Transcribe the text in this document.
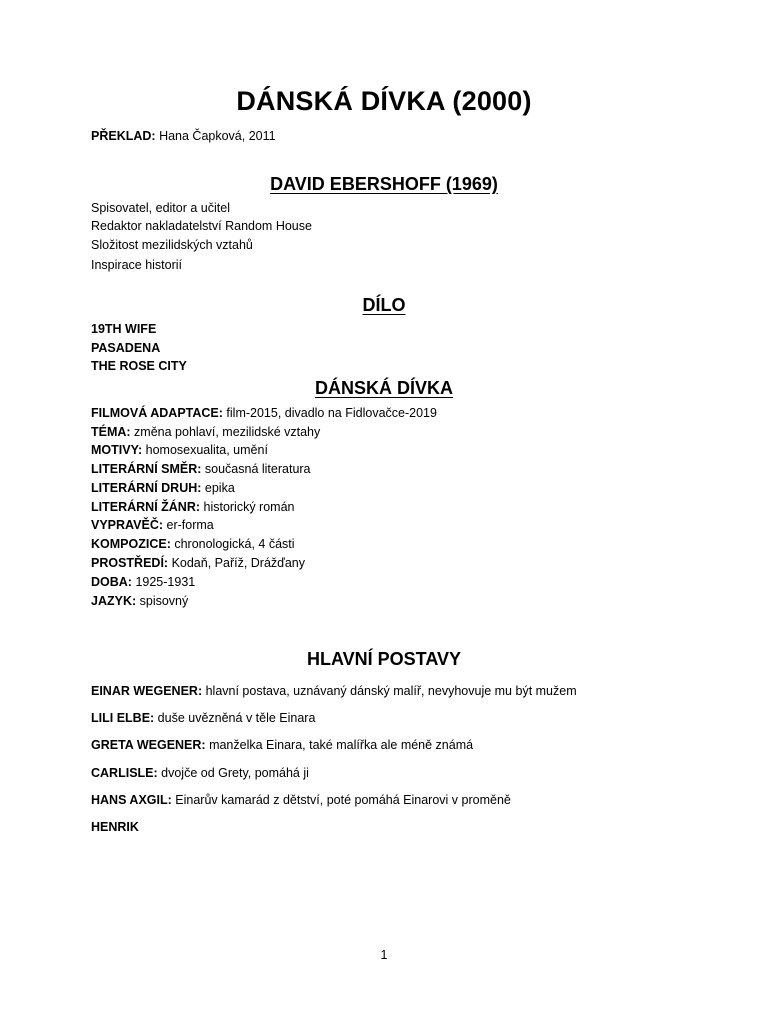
DÁNSKÁ DÍVKA (2000)
PŘEKLAD: Hana Čapková, 2011
DAVID EBERSHOFF (1969)
Spisovatel, editor a učitel
Redaktor nakladatelství Random House
Složitost mezilidských vztahů
Inspirace historií
DÍLO
19TH WIFE
PASADENA
THE ROSE CITY
DÁNSKÁ DÍVKA
FILMOVÁ ADAPTACE: film-2015, divadlo na Fidlovačce-2019
TÉMA: změna pohlaví, mezilidské vztahy
MOTIVY: homosexualita, umění
LITERÁRNÍ SMĚR: současná literatura
LITERÁRNÍ DRUH: epika
LITERÁRNÍ ŽÁNR: historický román
VYPRAVĚČ: er-forma
KOMPOZICE: chronologická, 4 části
PROSTŘEDÍ: Kodaň, Paříž, Drážďany
DOBA: 1925-1931
JAZYK: spisovný
HLAVNÍ POSTAVY
EINAR WEGENER: hlavní postava, uznávaný dánský malíř, nevyhovuje mu být mužem
LILI ELBE: duše uvězněná v těle Einara
GRETA WEGENER: manželka Einara, také malířka ale méně známá
CARLISLE: dvojče od Grety, pomáhá ji
HANS AXGIL: Einarův kamarád z dětství, poté pomáhá Einarovi v proměně
HENRIK
1
